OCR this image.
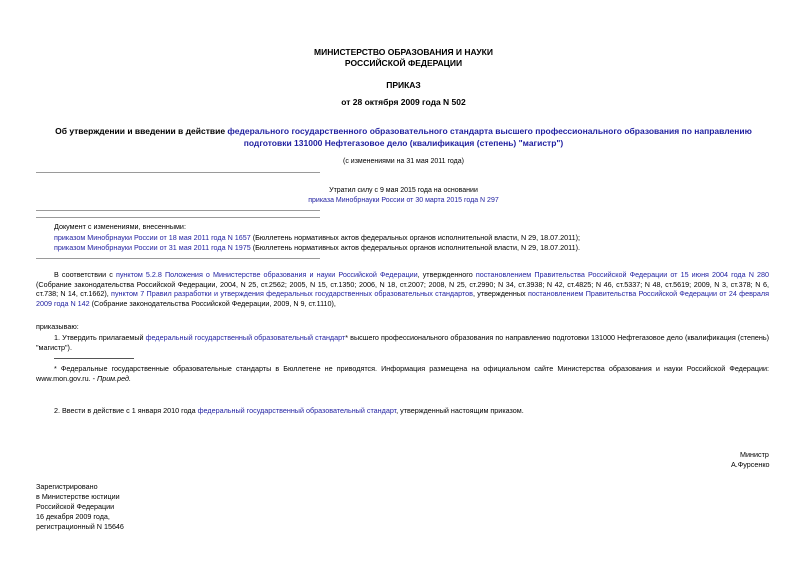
МИНИСТЕРСТВО ОБРАЗОВАНИЯ И НАУКИ
РОССИЙСКОЙ ФЕДЕРАЦИИ
ПРИКАЗ
от 28 октября 2009 года N 502
Об утверждении и введении в действие федерального государственного образовательного стандарта высшего профессионального образования по направлению
подготовки 131000 Нефтегазовое дело (квалификация (степень) "магистр")
(с изменениями на 31 мая 2011 года)
Утратил силу с 9 мая 2015 года на основании
приказа Минобрнауки России от 30 марта 2015 года N 297
Документ с изменениями, внесенными:
приказом Минобрнауки России от 18 мая 2011 года N 1657 (Бюллетень нормативных актов федеральных органов исполнительной власти, N 29, 18.07.2011);
приказом Минобрнауки России от 31 мая 2011 года N 1975 (Бюллетень нормативных актов федеральных органов исполнительной власти, N 29, 18.07.2011).
В соответствии с пунктом 5.2.8 Положения о Министерстве образования и науки Российской Федерации, утвержденного постановлением Правительства Российской Федерации от 15 июня 2004 года N 280 (Собрание законодательства Российской Федерации, 2004, N 25, ст.2562; 2005, N 15, ст.1350; 2006, N 18, ст.2007; 2008, N 25, ст.2990; N 34, ст.3938; N 42, ст.4825; N 46, ст.5337; N 48, ст.5619; 2009, N 3, ст.378; N 6, ст.738; N 14, ст.1662), пунктом 7 Правил разработки и утверждения федеральных государственных образовательных стандартов, утвержденных постановлением Правительства Российской Федерации от 24 февраля 2009 года N 142 (Собрание законодательства Российской Федерации, 2009, N 9, ст.1110),
приказываю:
1. Утвердить прилагаемый федеральный государственный образовательный стандарт* высшего профессионального образования по направлению подготовки 131000 Нефтегазовое дело (квалификация (степень) "магистр").
* Федеральные государственные образовательные стандарты в Бюллетене не приводятся. Информация размещена на официальном сайте Министерства образования и науки Российской Федерации: www.mon.gov.ru. - Прим.ред.
2. Ввести в действие с 1 января 2010 года федеральный государственный образовательный стандарт, утвержденный настоящим приказом.
Министр
А.Фурсенко
Зарегистрировано
в Министерстве юстиции
Российской Федерации
16 декабря 2009 года,
регистрационный N 15646
